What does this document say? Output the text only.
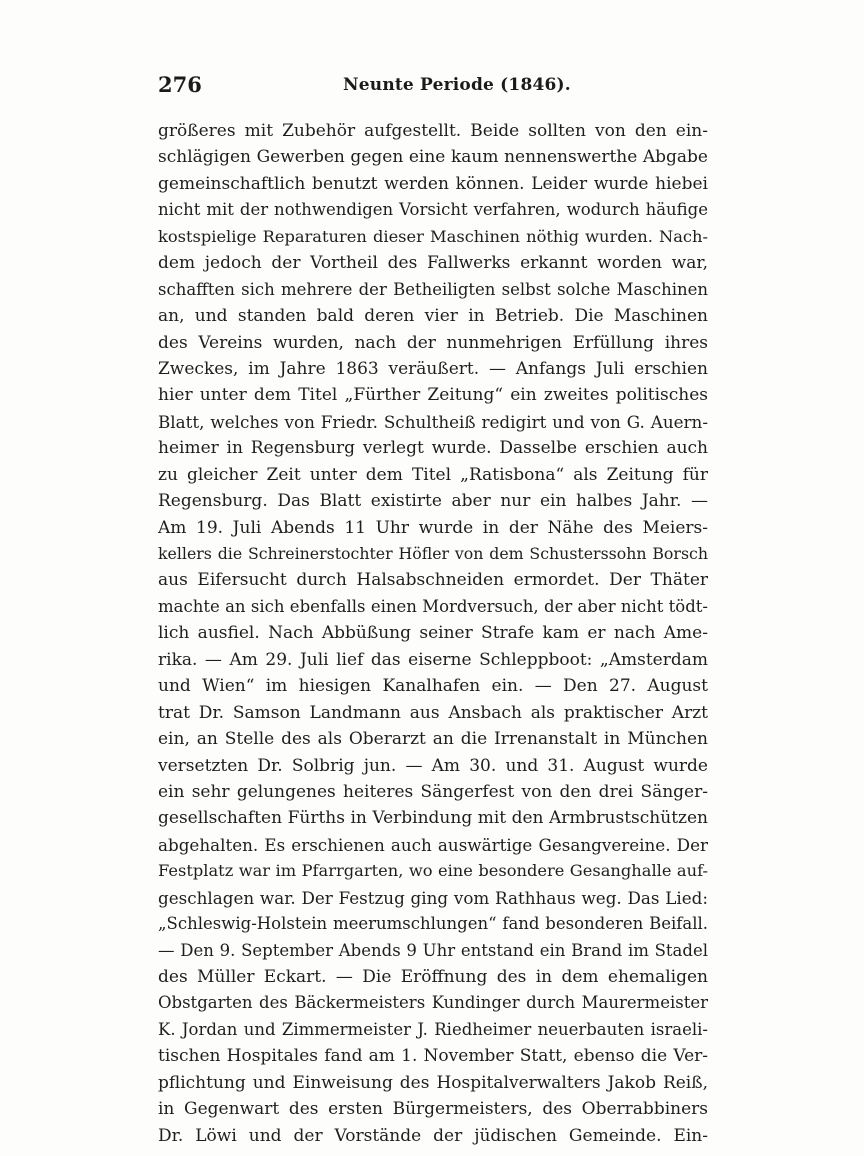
276	Neunte Periode (1846).
größeres mit Zubehör aufgestellt. Beide sollten von den ein-
schlägigen Gewerben gegen eine kaum nennenswerthe Abgabe
gemeinschaftlich benutzt werden können. Leider wurde hiebei
nicht mit der nothwendigen Vorsicht verfahren, wodurch häufige
kostspielige Reparaturen dieser Maschinen nöthig wurden. Nach-
dem jedoch der Vortheil des Fallwerks erkannt worden war,
schafften sich mehrere der Betheiligten selbst solche Maschinen
an, und standen bald deren vier in Betrieb. Die Maschinen
des Vereins wurden, nach der nunmehrigen Erfüllung ihres
Zweckes, im Jahre 1863 veräußert. — Anfangs Juli erschien
hier unter dem Titel „Fürther Zeitung“ ein zweites politisches
Blatt, welches von Friedr. Schultheiß redigirt und von G. Auern-
heimer in Regensburg verlegt wurde. Dasselbe erschien auch
zu gleicher Zeit unter dem Titel „Ratisbona“ als Zeitung für
Regensburg. Das Blatt existirte aber nur ein halbes Jahr. —
Am 19. Juli Abends 11 Uhr wurde in der Nähe des Meiers-
kellers die Schreinerstochter Höfler von dem Schusterssohn Borsch
aus Eifersucht durch Halsabschneiden ermordet. Der Thäter
machte an sich ebenfalls einen Mordversuch, der aber nicht tödt-
lich ausfiel. Nach Abbüßung seiner Strafe kam er nach Ame-
rika. — Am 29. Juli lief das eiserne Schleppboot: „Amsterdam
und Wien“ im hiesigen Kanalhafen ein. — Den 27. August
trat Dr. Samson Landmann aus Ansbach als praktischer Arzt
ein, an Stelle des als Oberarzt an die Irrenanstalt in München
versetzten Dr. Solbrig jun. — Am 30. und 31. August wurde
ein sehr gelungenes heiteres Sängerfest von den drei Sänger-
gesellschaften Fürths in Verbindung mit den Armbrustschützen
abgehalten. Es erschienen auch auswärtige Gesangvereine. Der
Festplatz war im Pfarrgarten, wo eine besondere Gesanghalle auf-
geschlagen war. Der Festzug ging vom Rathhaus weg. Das Lied:
„Schleswig-Holstein meerumschlungen“ fand besonderen Beifall.
— Den 9. September Abends 9 Uhr entstand ein Brand im Stadel
des Müller Eckart. — Die Eröffnung des in dem ehemaligen
Obstgarten des Bäckermeisters Kundinger durch Maurermeister
K. Jordan und Zimmermeister J. Riedheimer neuerbauten israeli-
tischen Hospitales fand am 1. November Statt, ebenso die Ver-
pflichtung und Einweisung des Hospitalverwalters Jakob Reiß,
in Gegenwart des ersten Bürgermeisters, des Oberrabbiners
Dr. Löwi und der Vorstände der jüdischen Gemeinde. Ein-
